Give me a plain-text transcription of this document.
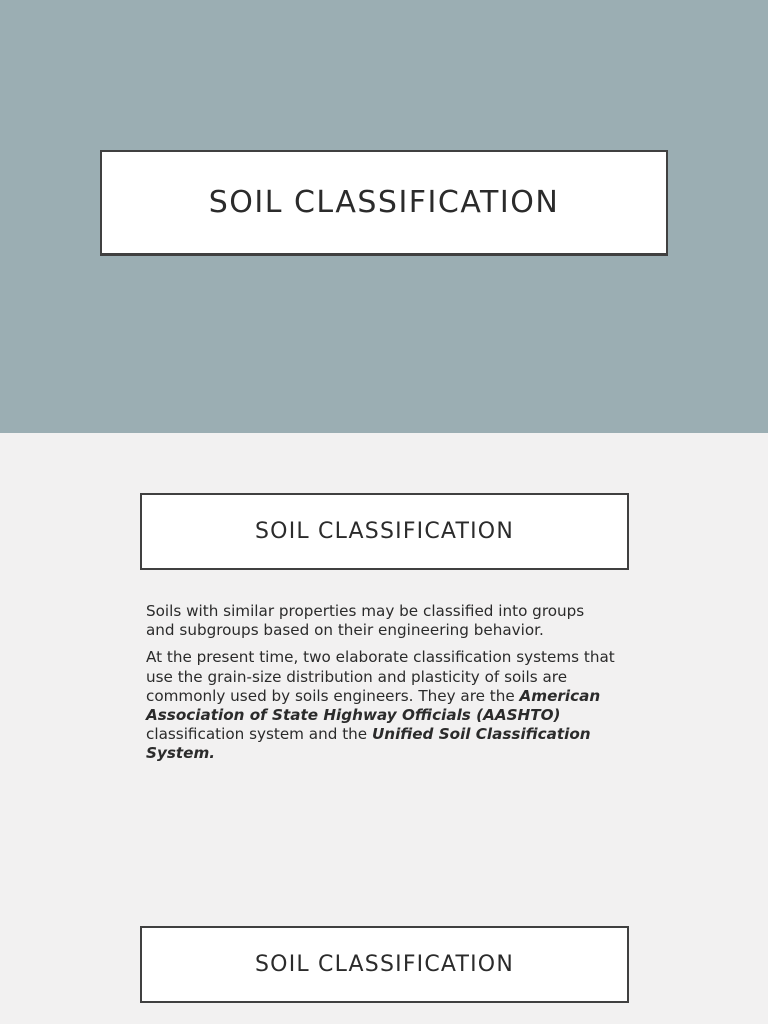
SOIL CLASSIFICATION
SOIL CLASSIFICATION

Soils with similar properties may be classified into groups and subgroups based on their engineering behavior.

At the present time, two elaborate classification systems that use the grain-size distribution and plasticity of soils are commonly used by soils engineers. They are the American Association of State Highway Officials (AASHTO) classification system and the Unified Soil Classification System.

SOIL CLASSIFICATION
